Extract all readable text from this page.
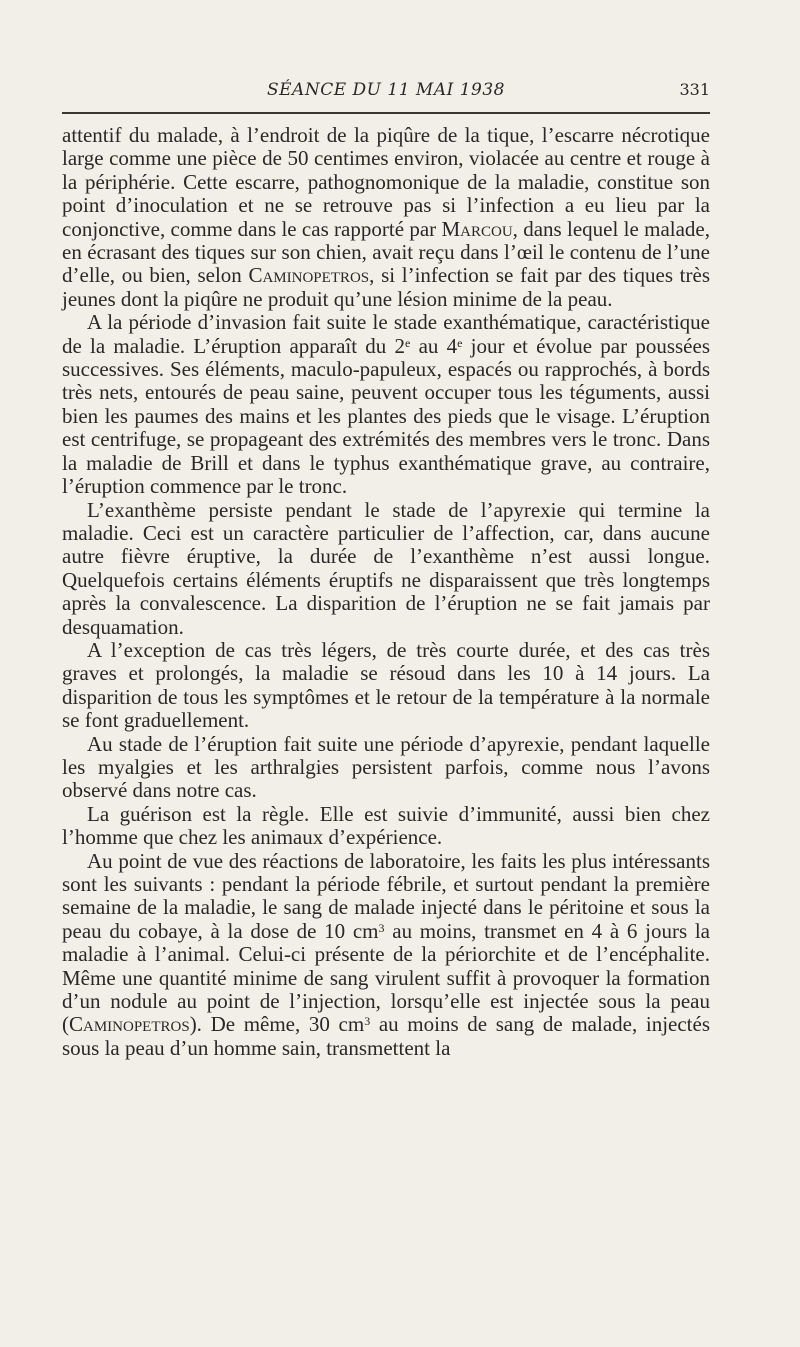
SÉANCE DU 11 MAI 1938	331

attentif du malade, à l’endroit de la piqûre de la tique, l’escarre nécrotique large comme une pièce de 50 centimes environ, violacée au centre et rouge à la périphérie. Cette escarre, pathognomonique de la maladie, constitue son point d’inoculation et ne se retrouve pas si l’infection a eu lieu par la conjonctive, comme dans le cas rapporté par Marcou, dans lequel le malade, en écrasant des tiques sur son chien, avait reçu dans l’œil le contenu de l’une d’elle, ou bien, selon Caminopetros, si l’infection se fait par des tiques très jeunes dont la piqûre ne produit qu’une lésion minime de la peau.

A la période d’invasion fait suite le stade exanthématique, caractéristique de la maladie. L’éruption apparaît du 2e au 4e jour et évolue par poussées successives. Ses éléments, maculo-papuleux, espacés ou rapprochés, à bords très nets, entourés de peau saine, peuvent occuper tous les téguments, aussi bien les paumes des mains et les plantes des pieds que le visage. L’éruption est centrifuge, se propageant des extrémités des membres vers le tronc. Dans la maladie de Brill et dans le typhus exanthématique grave, au contraire, l’éruption commence par le tronc.

L’exanthème persiste pendant le stade de l’apyrexie qui termine la maladie. Ceci est un caractère particulier de l’affection, car, dans aucune autre fièvre éruptive, la durée de l’exanthème n’est aussi longue. Quelquefois certains éléments éruptifs ne disparaissent que très longtemps après la convalescence. La disparition de l’éruption ne se fait jamais par desquamation.

A l’exception de cas très légers, de très courte durée, et des cas très graves et prolongés, la maladie se résoud dans les 10 à 14 jours. La disparition de tous les symptômes et le retour de la température à la normale se font graduellement.

Au stade de l’éruption fait suite une période d’apyrexie, pendant laquelle les myalgies et les arthralgies persistent parfois, comme nous l’avons observé dans notre cas.

La guérison est la règle. Elle est suivie d’immunité, aussi bien chez l’homme que chez les animaux d’expérience.

Au point de vue des réactions de laboratoire, les faits les plus intéressants sont les suivants : pendant la période fébrile, et surtout pendant la première semaine de la maladie, le sang de malade injecté dans le péritoine et sous la peau du cobaye, à la dose de 10 $cm^3$ au moins, transmet en 4 à 6 jours la maladie à l’animal. Celui-ci présente de la périorchite et de l’encéphalite. Même une quantité minime de sang virulent suffit à provoquer la formation d’un nodule au point de l’injection, lorsqu’elle est injectée sous la peau (Caminopetros). De même, 30 $cm^3$ au moins de sang de malade, injectés sous la peau d’un homme sain, transmettent la
